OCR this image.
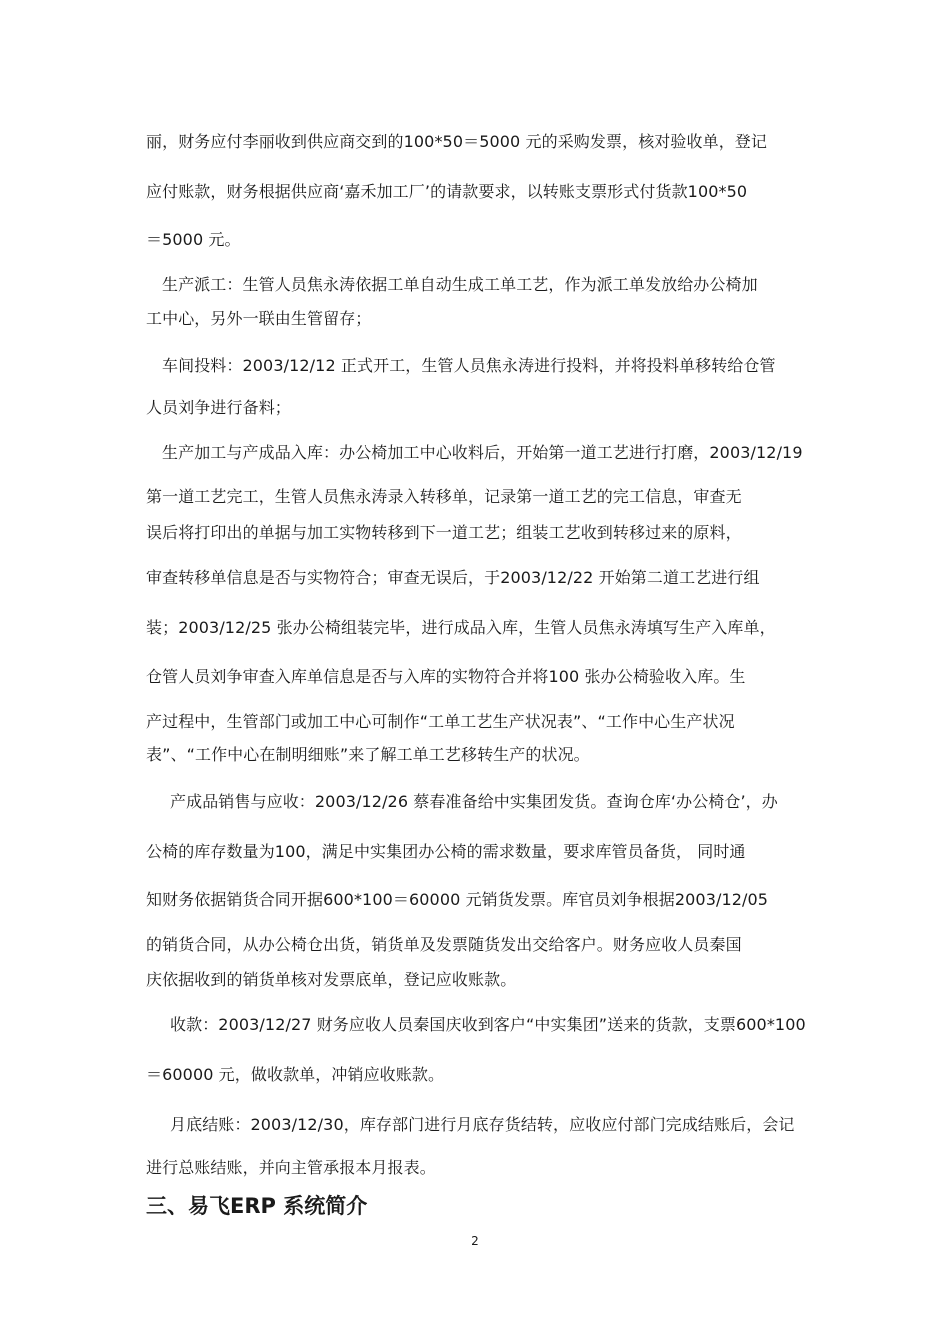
丽，财务应付李丽收到供应商交到的100*50＝5000 元的采购发票，核对验收单，登记

应付账款，财务根据供应商‘嘉禾加工厂’的请款要求，以转账支票形式付货款100*50

＝5000 元。

生产派工：生管人员焦永涛依据工单自动生成工单工艺，作为派工单发放给办公椅加

工中心，另外一联由生管留存；

车间投料：2003/12/12 正式开工，生管人员焦永涛进行投料，并将投料单移转给仓管

人员刘争进行备料；

生产加工与产成品入库：办公椅加工中心收料后，开始第一道工艺进行打磨，2003/12/19

第一道工艺完工，生管人员焦永涛录入转移单，记录第一道工艺的完工信息，审查无

误后将打印出的单据与加工实物转移到下一道工艺；组装工艺收到转移过来的原料，

审查转移单信息是否与实物符合；审查无误后，于2003/12/22 开始第二道工艺进行组

装；2003/12/25 张办公椅组装完毕，进行成品入库，生管人员焦永涛填写生产入库单，

仓管人员刘争审查入库单信息是否与入库的实物符合并将100 张办公椅验收入库。生

产过程中，生管部门或加工中心可制作“工单工艺生产状况表”、“工作中心生产状况

表”、“工作中心在制明细账”来了解工单工艺移转生产的状况。

产成品销售与应收：2003/12/26 蔡春准备给中实集团发货。查询仓库‘办公椅仓’，办

公椅的库存数量为100，满足中实集团办公椅的需求数量，要求库管员备货， 同时通

知财务依据销货合同开据600*100＝60000 元销货发票。库官员刘争根据2003/12/05

的销货合同，从办公椅仓出货，销货单及发票随货发出交给客户。财务应收人员秦国

庆依据收到的销货单核对发票底单，登记应收账款。

收款：2003/12/27 财务应收人员秦国庆收到客户“中实集团”送来的货款，支票600*100

＝60000 元，做收款单，冲销应收账款。

月底结账：2003/12/30，库存部门进行月底存货结转，应收应付部门完成结账后，会记

进行总账结账，并向主管承报本月报表。

三、易飞ERP 系统简介
2
